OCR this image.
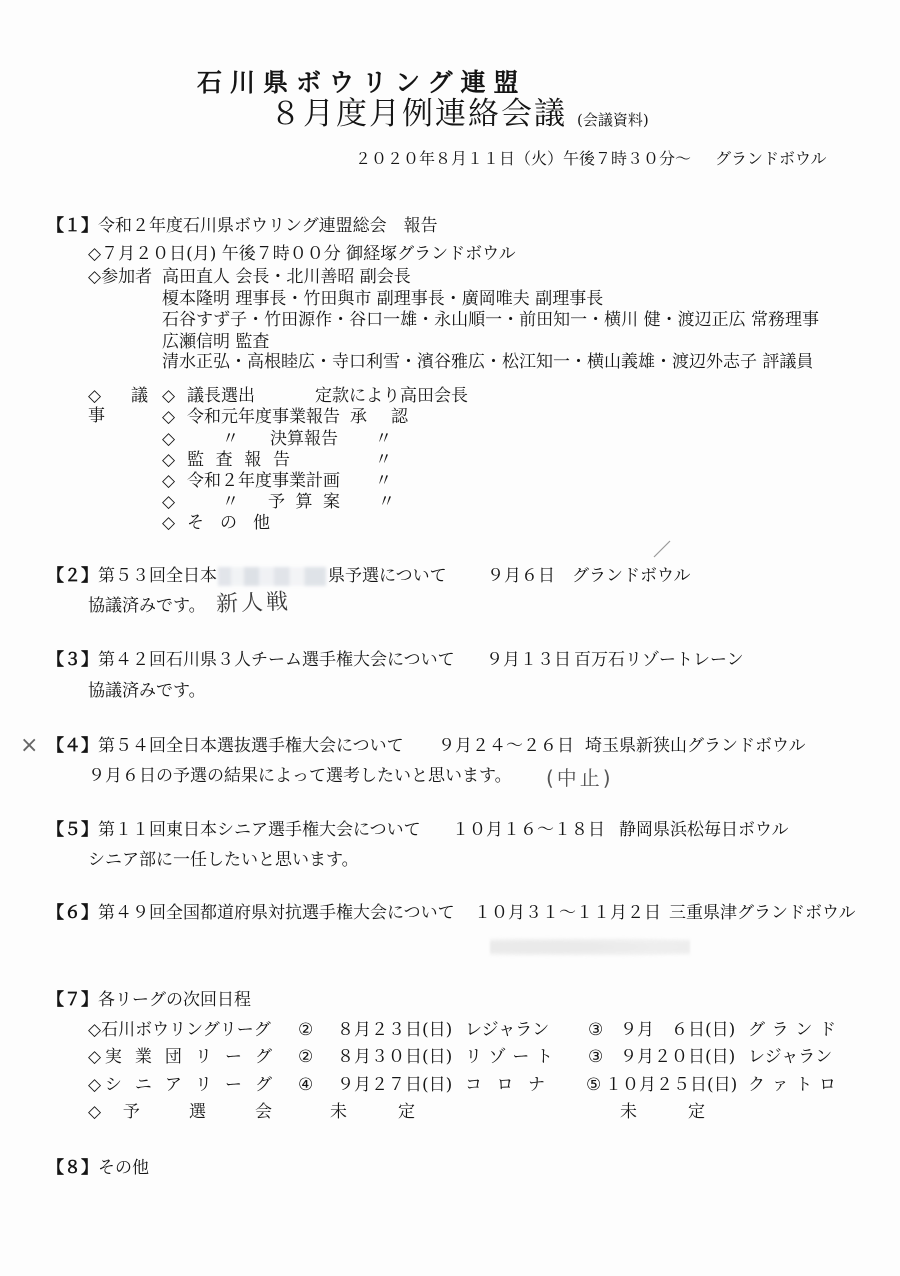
石川県ボウリング連盟
８月度月例連絡会議 (会議資料)
２０２０年８月１１日（火）午後７時３０分～ グランドボウル
【１】令和２年度石川県ボウリング連盟総会　報告
◇７月２０日(月) 午後７時００分 御経塚グランドボウル
◇参加者 高田直人 会長・北川善昭 副会長
榎本隆明 理事長・竹田與市 副理事長・廣岡唯夫 副理事長
石谷すず子・竹田源作・谷口一雄・永山順一・前田知一・横川 健・渡辺正広 常務理事
広瀬信明 監査
清水正弘・高根睦広・寺口利雪・濱谷雅広・松江知一・横山義雄・渡辺外志子 評議員
◇議　事
◇ 議長選出	定款により高田会長
◇ 令和元年度事業報告 承　認
◇	〃 決算報告 〃
◇ 監 査 報 告	〃
◇ 令和２年度事業計画 〃
◇	〃 予 算 案 〃
◇ そ の 他
【２】第５３回全日本	県予選について ９月６日 グランドボウル
協議済みです。 新人戦
【３】第４２回石川県３人チーム選手権大会について ９月１３日 百万石リゾートレーン
協議済みです。
× 【４】第５４回全日本選抜選手権大会について ９月２４～２６日 埼玉県新狭山グランドボウル
９月６日の予選の結果によって選考したいと思います。 (中止)
【５】第１１回東日本シニア選手権大会について １０月１６～１８日 静岡県浜松毎日ボウル
シニア部に一任したいと思います。
【６】第４９回全国都道府県対抗選手権大会について １０月３１～１１月２日 三重県津グランドボウル
【７】各リーグの次回日程
◇石川ボウリングリーグ ② ８月２３日(日) レジャラン ③ ９月　６日(日) グ ラ ン ド
◇実 業 団 リ ー グ ② ８月３０日(日) リ ゾ ー ト ③ ９月２０日(日) レジャラン
◇シ ニ ア リ ー グ ④ ９月２７日(日) コ ロ ナ ⑤ １０月２５日(日) ク ァ ト ロ
◇予 選 会	未 定	未 定
【８】その他
